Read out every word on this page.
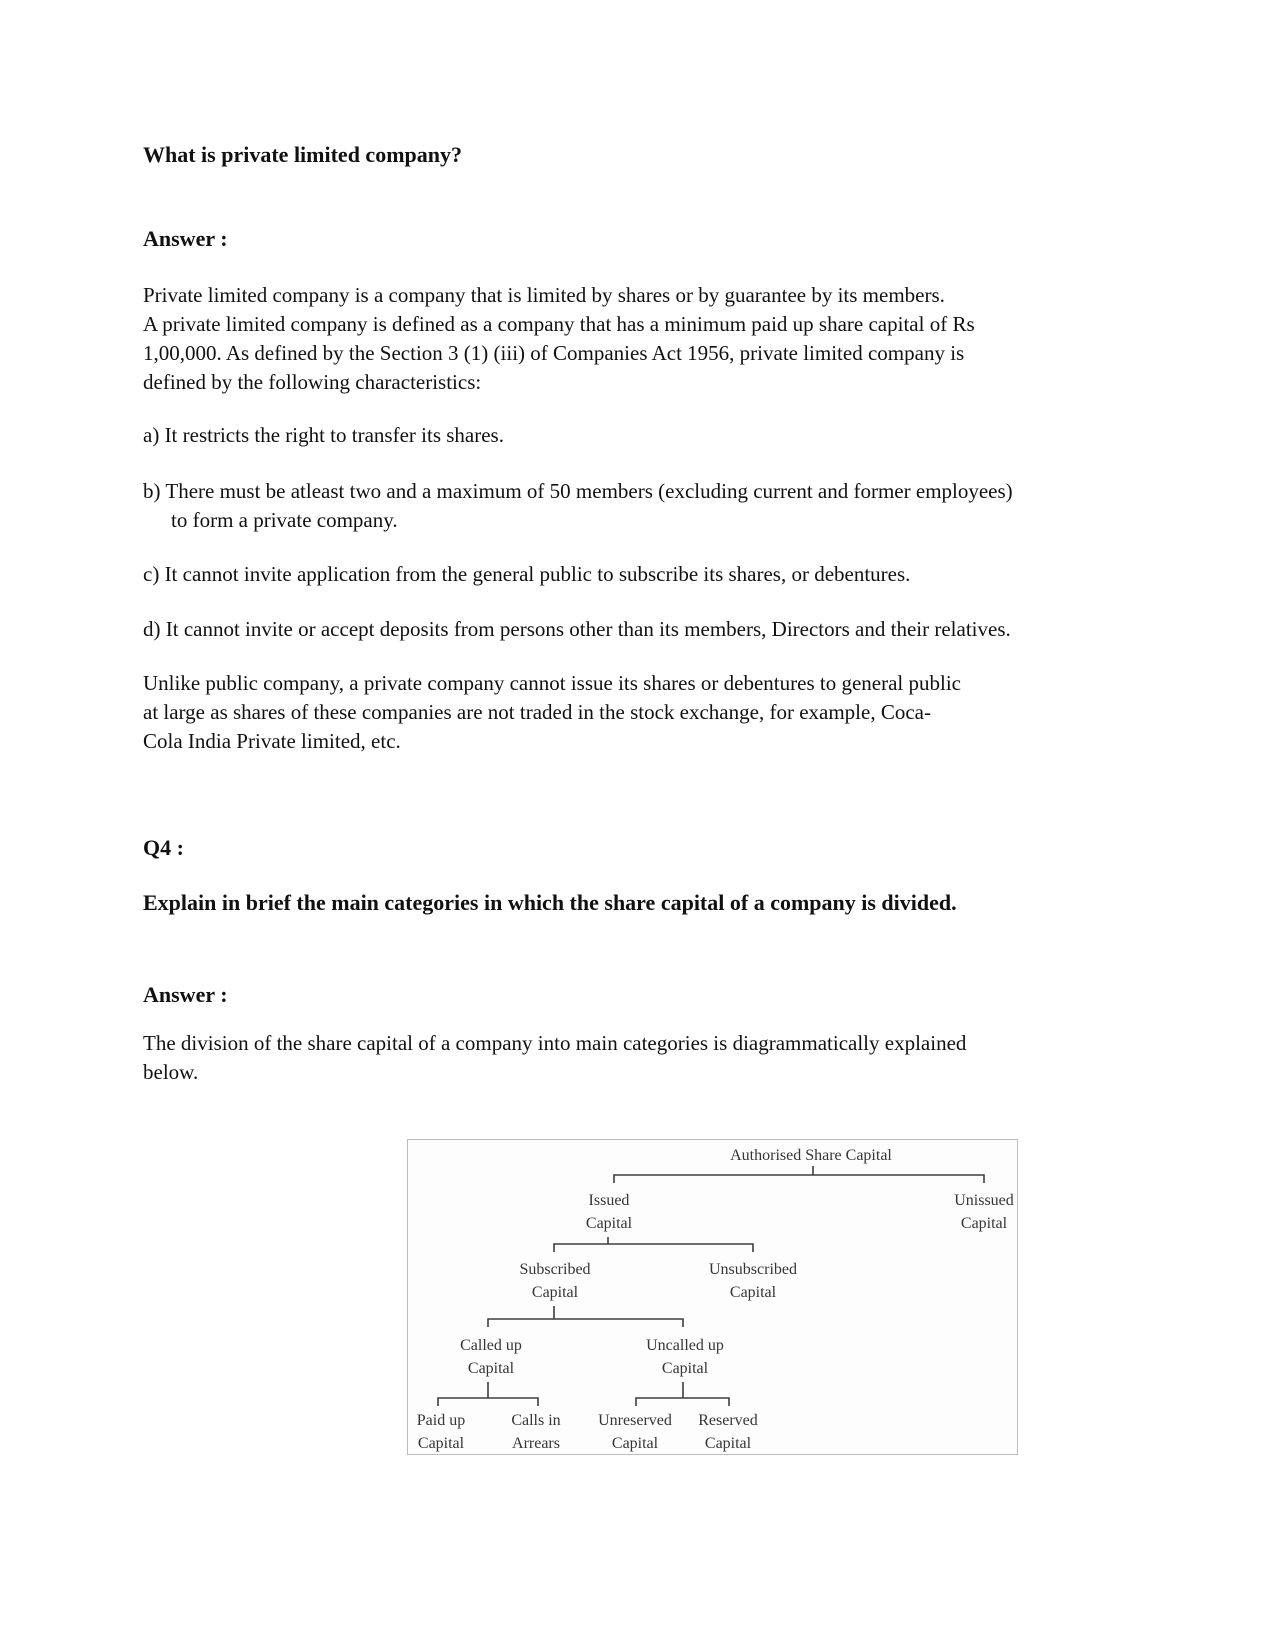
What is private limited company?
Answer :
Private limited company is a company that is limited by shares or by guarantee by its members.
A private limited company is defined as a company that has a minimum paid up share capital of Rs
1,00,000. As defined by the Section 3 (1) (iii) of Companies Act 1956, private limited company is
defined by the following characteristics:
a) It restricts the right to transfer its shares.
b) There must be atleast two and a maximum of 50 members (excluding current and former employees)
to form a private company.
c) It cannot invite application from the general public to subscribe its shares, or debentures.
d) It cannot invite or accept deposits from persons other than its members, Directors and their relatives.
Unlike public company, a private company cannot issue its shares or debentures to general public
at large as shares of these companies are not traded in the stock exchange, for example, Coca-
Cola India Private limited, etc.
Q4 :
Explain in brief the main categories in which the share capital of a company is divided.
Answer :
The division of the share capital of a company into main categories is diagrammatically explained
below.
Authorised Share Capital
Issued Capital
Unissued Capital
Subscribed Capital
Unsubscribed Capital
Called up Capital
Uncalled up Capital
Paid up Capital
Calls in Arrears
Unreserved Capital
Reserved Capital
